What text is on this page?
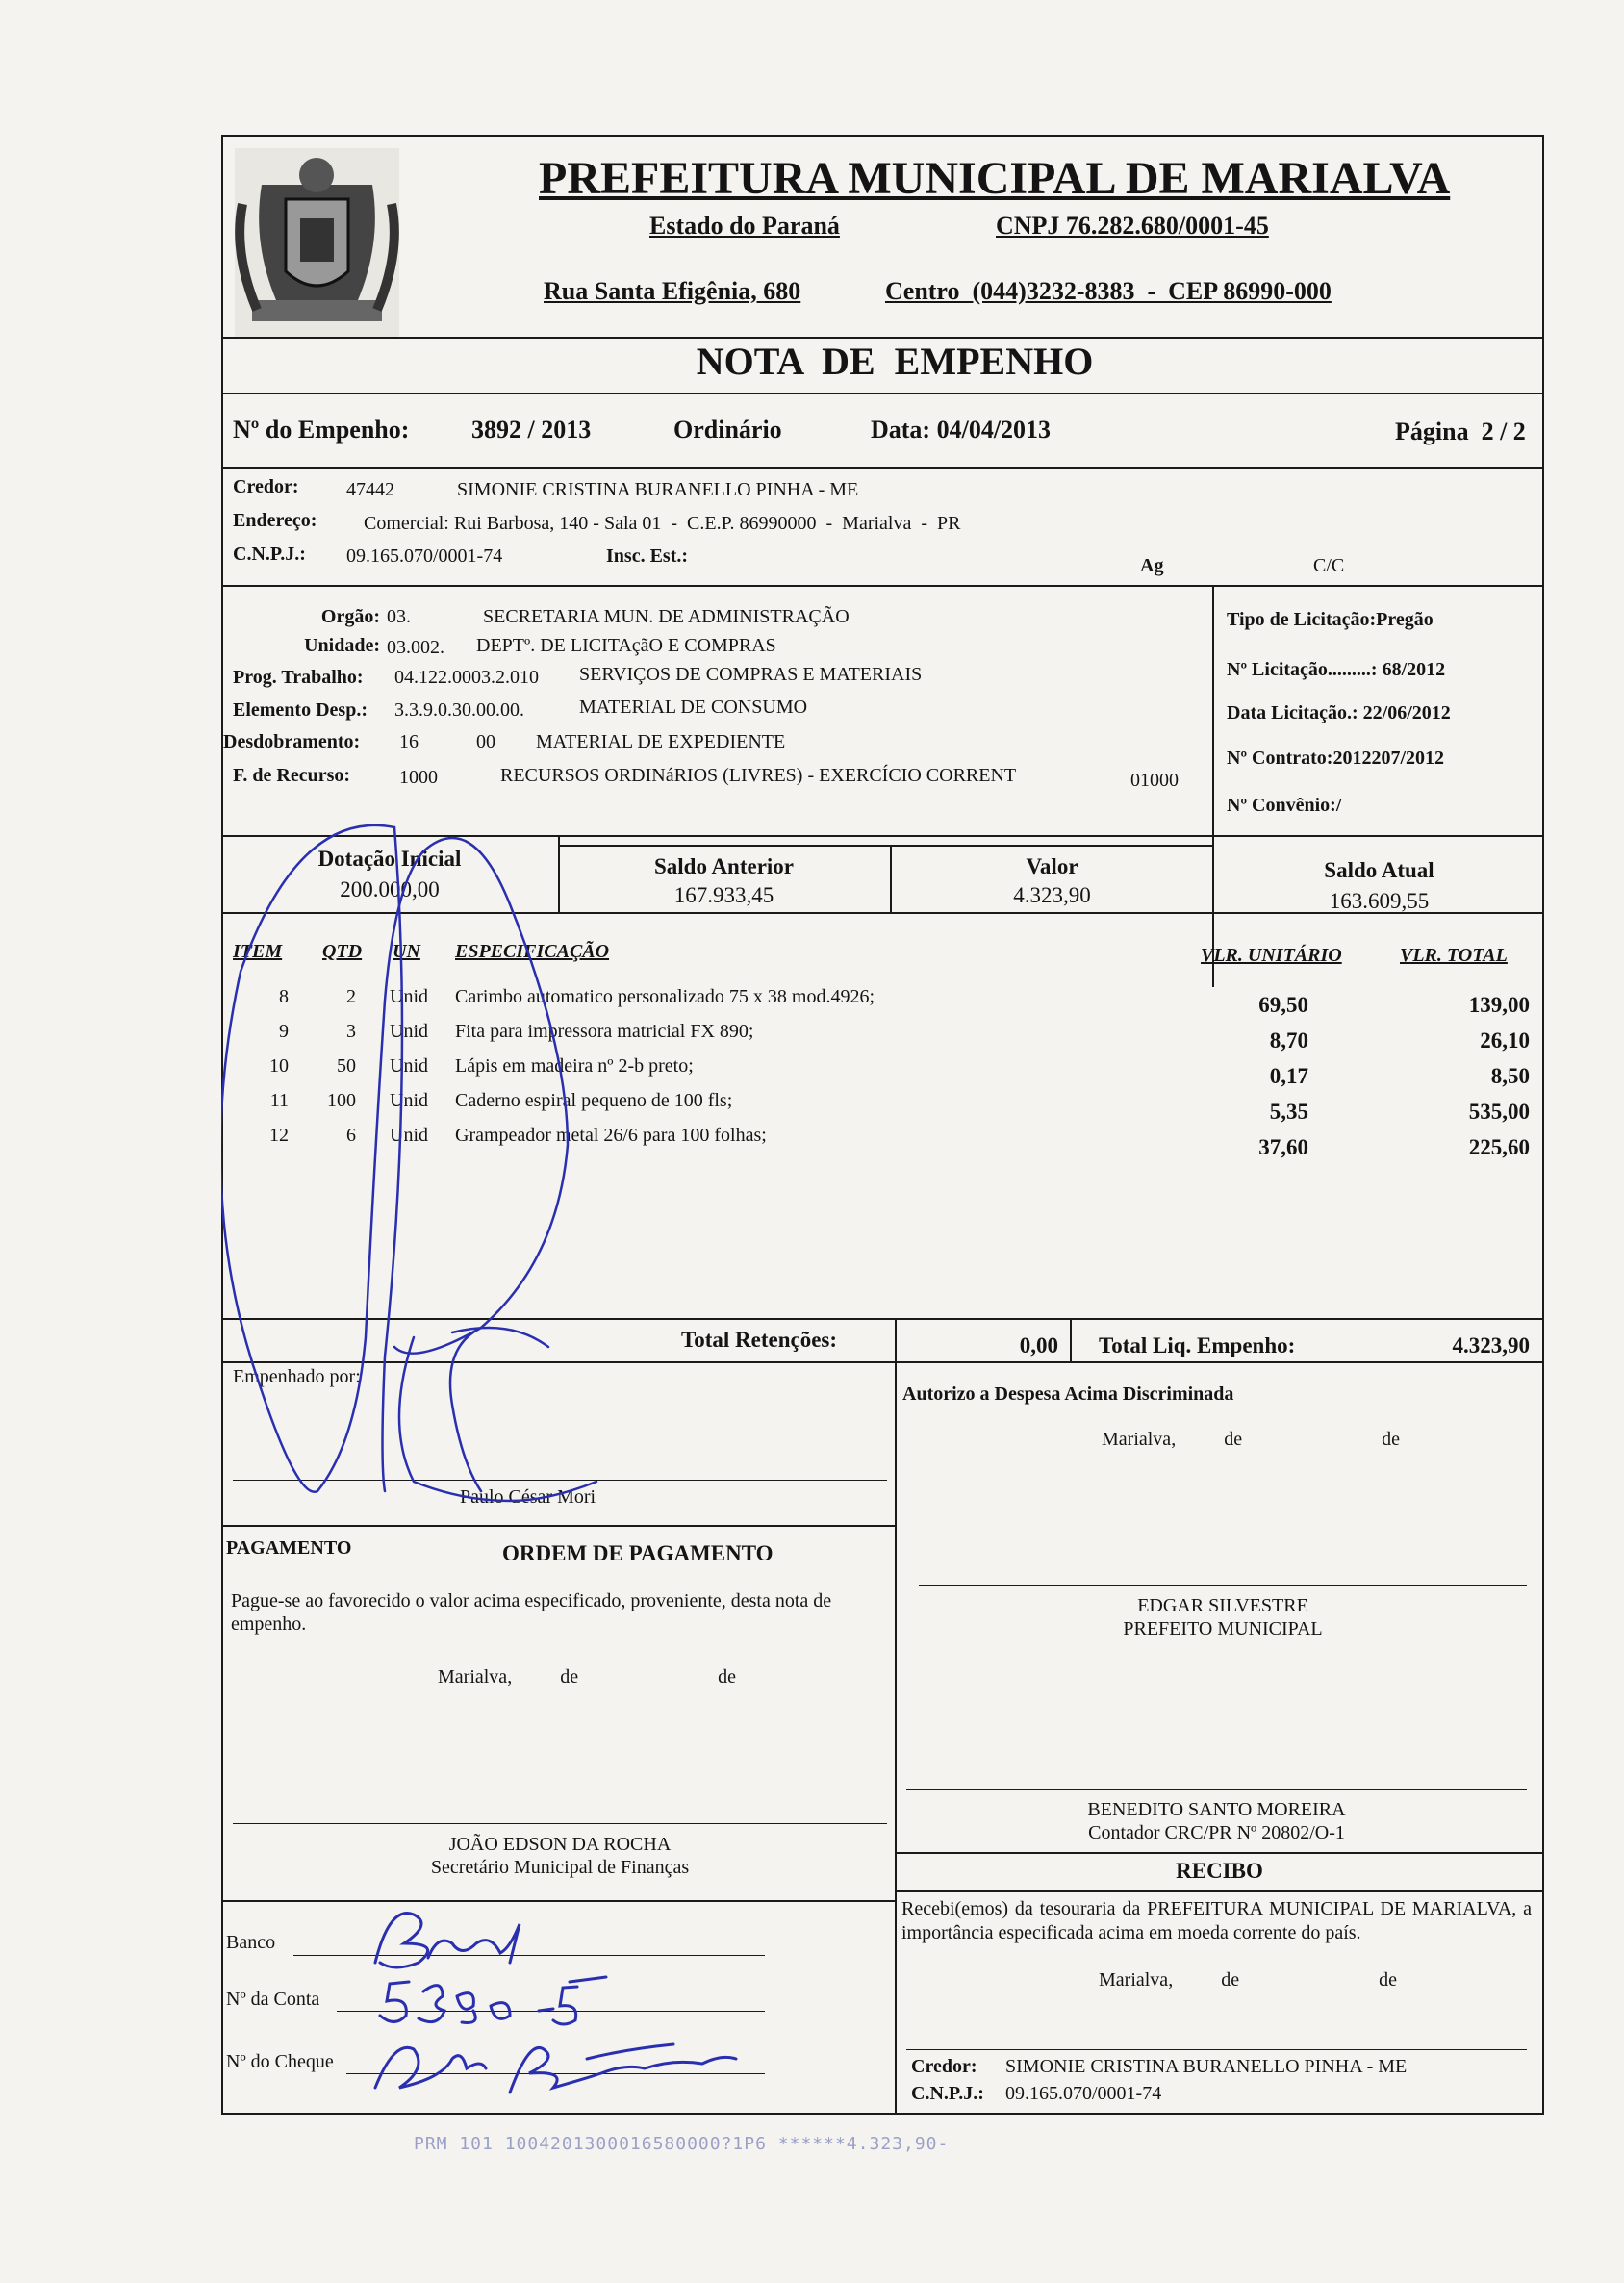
PREFEITURA MUNICIPAL DE MARIALVA
Estado do Paraná	CNPJ 76.282.680/0001-45
Rua Santa Efigênia, 680	Centro  (044)3232-8383  -  CEP 86990-000
NOTA  DE  EMPENHO
Nº do Empenho: 3892 / 2013	Ordinário	Data: 04/04/2013	Página  2 / 2
Credor: 47442	SIMONIE CRISTINA BURANELLO PINHA - ME
Endereço: Comercial: Rui Barbosa, 140 - Sala 01  -  C.E.P. 86990000  -  Marialva  -  PR
C.N.P.J.: 09.165.070/0001-74	Insc. Est.:	Ag	C/C
Orgão: 03.	SECRETARIA MUN. DE ADMINISTRAÇÃO
Unidade: 03.002. DEPTº. DE LICITAçãO E COMPRAS
Prog. Trabalho: 04.122.0003.2.010 SERVIÇOS DE COMPRAS E MATERIAIS
Elemento Desp.: 3.3.9.0.30.00.00.	MATERIAL DE CONSUMO
Desdobramento: 16	00 MATERIAL DE EXPEDIENTE
F. de Recurso:	1000	RECURSOS ORDINáRIOS (LIVRES) - EXERCÍCIO CORRENT	01000
Tipo de Licitação:Pregão
Nº Licitação.........: 68/2012
Data Licitação.: 22/06/2012
Nº Contrato:2012207/2012
Nº Convênio:/
Dotação Inicial
200.000,00
Saldo Anterior
167.933,45
Valor
4.323,90
Saldo Atual
163.609,55
ITEM QTD UN ESPECIFICAÇÃO	VLR. UNITÁRIO	VLR. TOTAL
8	2 Unid Carimbo automatico personalizado 75 x 38 mod.4926;	69,50	139,00
9	3 Unid Fita para impressora matricial FX 890;	8,70	26,10
10	50 Unid Lápis em madeira nº 2-b preto;	0,17	8,50
11	100 Unid Caderno espiral pequeno de 100 fls;	5,35	535,00
12	6 Unid Grampeador metal 26/6 para 100 folhas;	37,60	225,60
Total Retenções:	0,00 Total Liq. Empenho:	4.323,90
Empenhado por:
Paulo César Mori
Autorizo a Despesa Acima Discriminada
Marialva,          de                             de
PAGAMENTO	ORDEM DE PAGAMENTO
Pague-se ao favorecido o valor acima especificado, proveniente, desta nota de empenho.
Marialva,          de                             de
EDGAR SILVESTRE
PREFEITO MUNICIPAL
BENEDITO SANTO MOREIRA
Contador CRC/PR Nº 20802/O-1
JOÃO EDSON DA ROCHA
Secretário Municipal de Finanças	RECIBO
Recebi(emos) da tesouraria da PREFEITURA MUNICIPAL DE MARIALVA, a importância especificada acima em moeda corrente do país.
Marialva,          de                             de
Banco
Nº da Conta
Nº do Cheque	Credor: SIMONIE CRISTINA BURANELLO PINHA - ME
C.N.P.J.: 09.165.070/0001-74
PRM 101 1004201300016580000?1P6 ******4.323,90-
